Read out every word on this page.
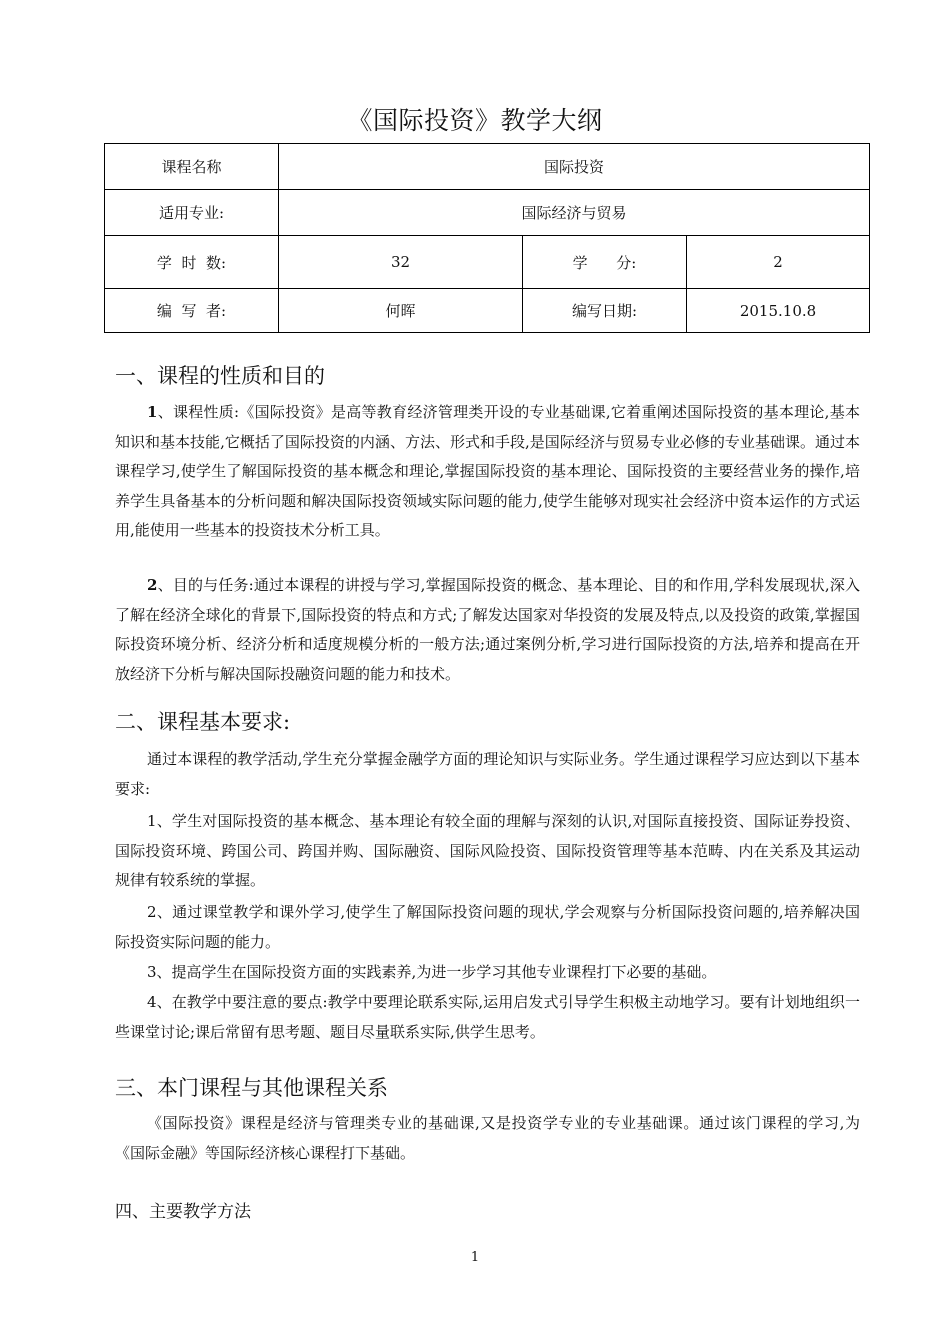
《国际投资》教学大纲
课程名称	国际投资		
适用专业:	国际经济与贸易		
学  时  数:	32	学      分:	2
编  写  者:	何晖	编写日期:	2015.10.8
一、课程的性质和目的

1、课程性质:《国际投资》是高等教育经济管理类开设的专业基础课,它着重阐述国际投资的基本理论,基本知识和基本技能,它概括了国际投资的内涵、方法、形式和手段,是国际经济与贸易专业必修的专业基础课。通过本课程学习,使学生了解国际投资的基本概念和理论,掌握国际投资的基本理论、国际投资的主要经营业务的操作,培养学生具备基本的分析问题和解决国际投资领域实际问题的能力,使学生能够对现实社会经济中资本运作的方式运用,能使用一些基本的投资技术分析工具。

2、目的与任务:通过本课程的讲授与学习,掌握国际投资的概念、基本理论、目的和作用,学科发展现状,深入了解在经济全球化的背景下,国际投资的特点和方式;了解发达国家对华投资的发展及特点,以及投资的政策,掌握国际投资环境分析、经济分析和适度规模分析的一般方法;通过案例分析,学习进行国际投资的方法,培养和提高在开放经济下分析与解决国际投融资问题的能力和技术。

二、课程基本要求:

通过本课程的教学活动,学生充分掌握金融学方面的理论知识与实际业务。学生通过课程学习应达到以下基本要求:

1、学生对国际投资的基本概念、基本理论有较全面的理解与深刻的认识,对国际直接投资、国际证券投资、国际投资环境、跨国公司、跨国并购、国际融资、国际风险投资、国际投资管理等基本范畴、内在关系及其运动规律有较系统的掌握。

2、通过课堂教学和课外学习,使学生了解国际投资问题的现状,学会观察与分析国际投资问题的,培养解决国际投资实际问题的能力。

3、提高学生在国际投资方面的实践素养,为进一步学习其他专业课程打下必要的基础。

4、在教学中要注意的要点:教学中要理论联系实际,运用启发式引导学生积极主动地学习。要有计划地组织一些课堂讨论;课后常留有思考题、题目尽量联系实际,供学生思考。

三、本门课程与其他课程关系

《国际投资》课程是经济与管理类专业的基础课,又是投资学专业的专业基础课。通过该门课程的学习,为《国际金融》等国际经济核心课程打下基础。

四、主要教学方法
1
